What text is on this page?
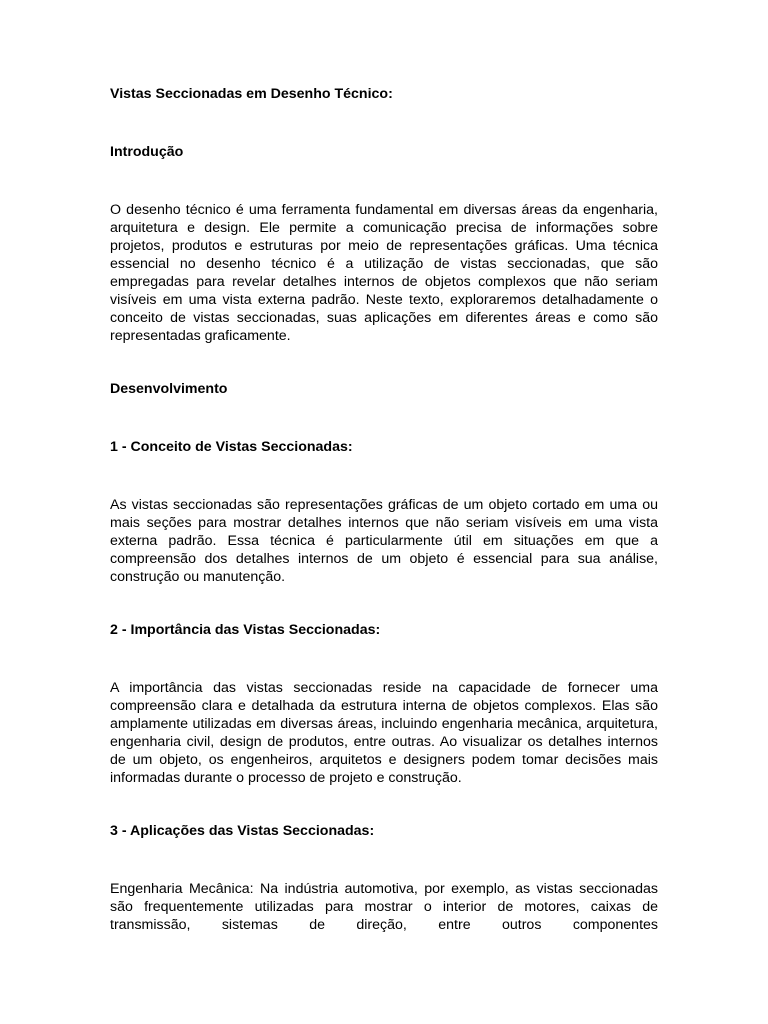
Vistas Seccionadas em Desenho Técnico:

Introdução

O desenho técnico é uma ferramenta fundamental em diversas áreas da engenharia, arquitetura e design. Ele permite a comunicação precisa de informações sobre projetos, produtos e estruturas por meio de representações gráficas. Uma técnica essencial no desenho técnico é a utilização de vistas seccionadas, que são empregadas para revelar detalhes internos de objetos complexos que não seriam visíveis em uma vista externa padrão. Neste texto, exploraremos detalhadamente o conceito de vistas seccionadas, suas aplicações em diferentes áreas e como são representadas graficamente.

Desenvolvimento

1 - Conceito de Vistas Seccionadas:

As vistas seccionadas são representações gráficas de um objeto cortado em uma ou mais seções para mostrar detalhes internos que não seriam visíveis em uma vista externa padrão. Essa técnica é particularmente útil em situações em que a compreensão dos detalhes internos de um objeto é essencial para sua análise, construção ou manutenção.

2 - Importância das Vistas Seccionadas:

A importância das vistas seccionadas reside na capacidade de fornecer uma compreensão clara e detalhada da estrutura interna de objetos complexos. Elas são amplamente utilizadas em diversas áreas, incluindo engenharia mecânica, arquitetura, engenharia civil, design de produtos, entre outras. Ao visualizar os detalhes internos de um objeto, os engenheiros, arquitetos e designers podem tomar decisões mais informadas durante o processo de projeto e construção.

3 - Aplicações das Vistas Seccionadas:

Engenharia Mecânica: Na indústria automotiva, por exemplo, as vistas seccionadas são frequentemente utilizadas para mostrar o interior de motores, caixas de transmissão, sistemas de direção, entre outros componentes
